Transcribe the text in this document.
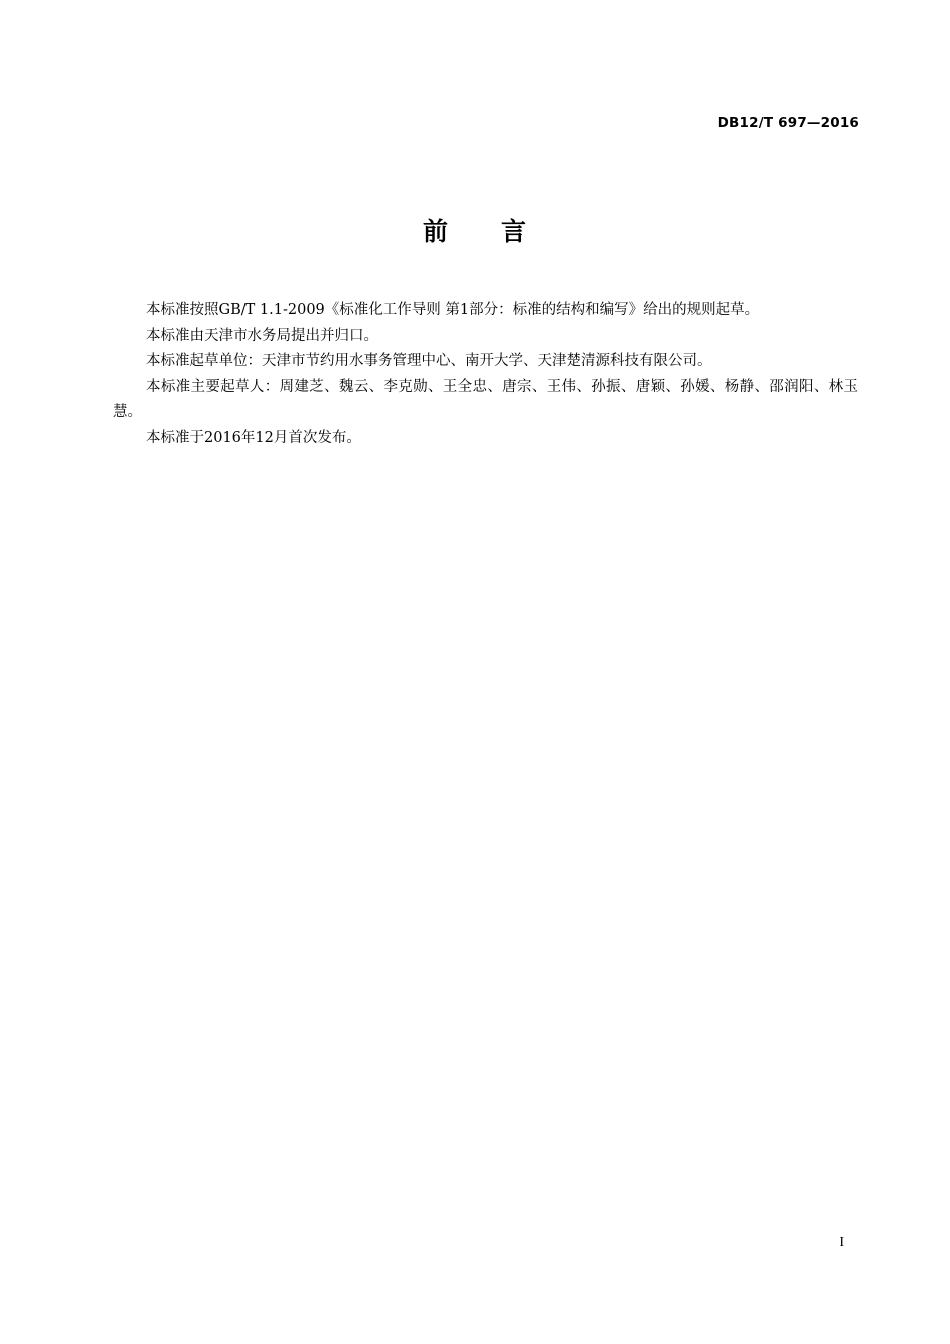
DB12/T 697—2016
前 言

本标准按照GB/T 1.1-2009《标准化工作导则 第1部分：标准的结构和编写》给出的规则起草。

本标准由天津市水务局提出并归口。

本标准起草单位：天津市节约用水事务管理中心、南开大学、天津楚清源科技有限公司。

本标准主要起草人：周建芝、魏云、李克勋、王全忠、唐宗、王伟、孙振、唐颖、孙媛、杨静、邵润阳、林玉慧。

本标准于2016年12月首次发布。

I
